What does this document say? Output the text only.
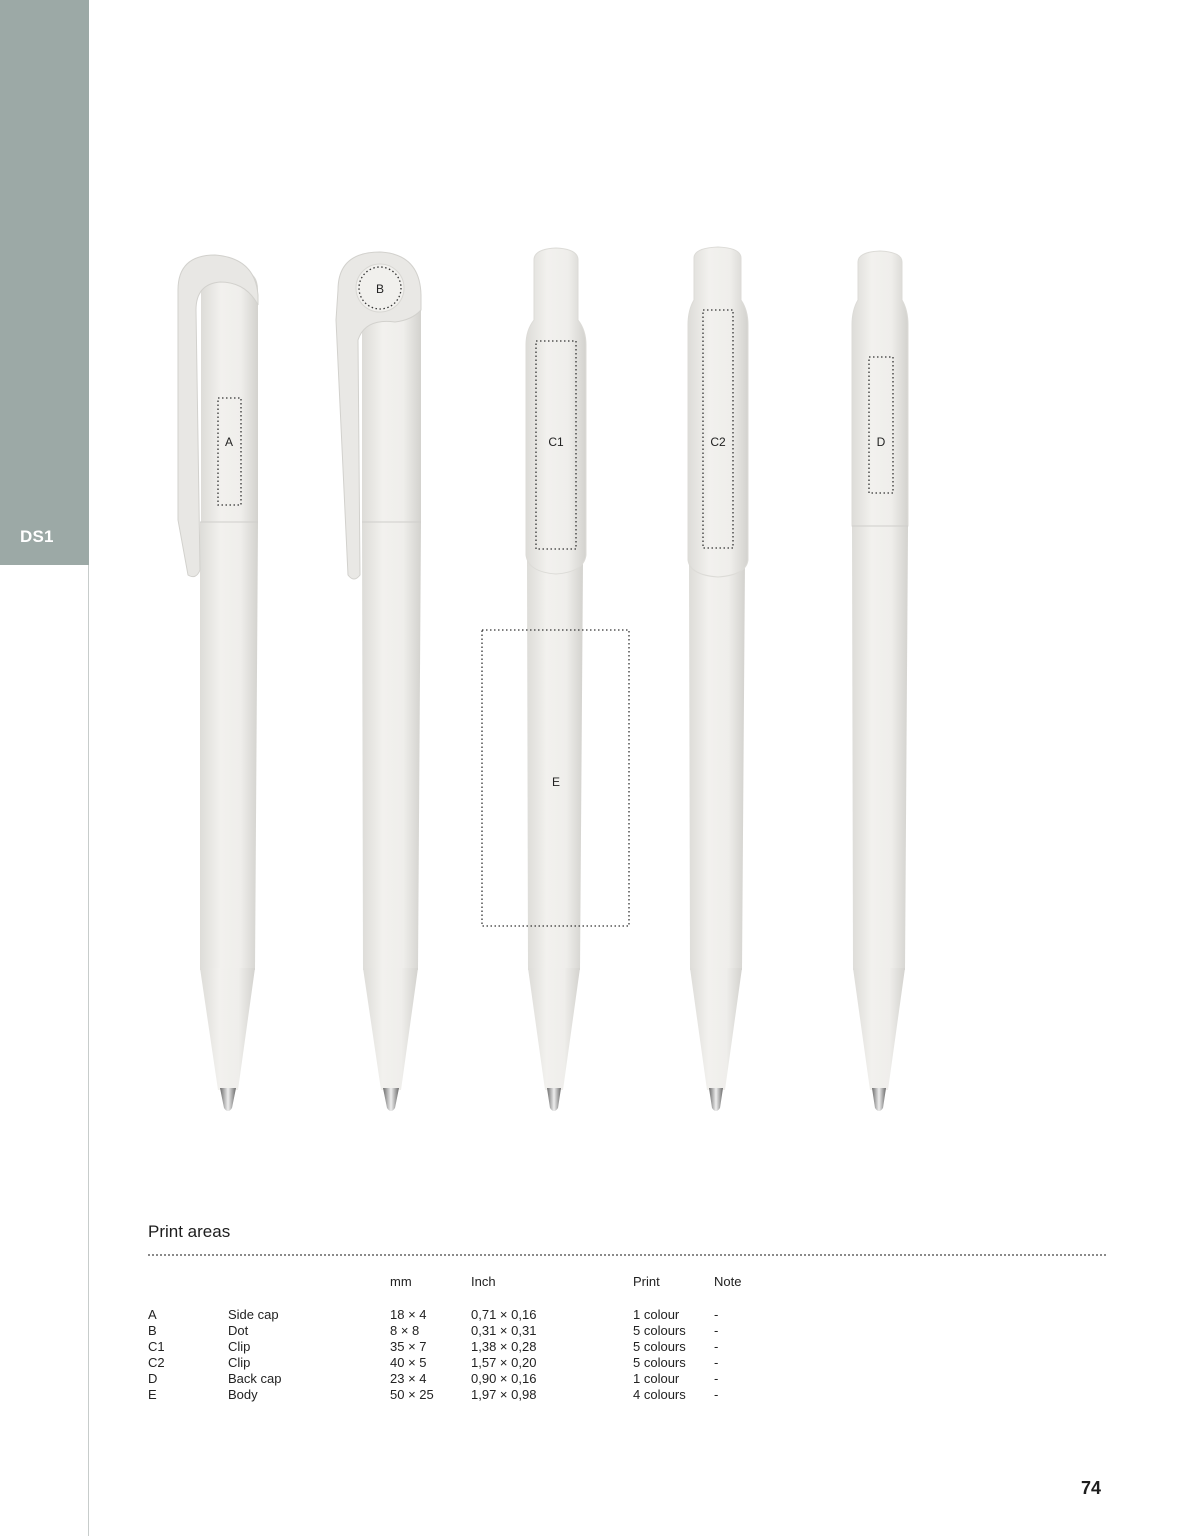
DS1
A
B
C1
E
C2	D
Print areas
		mm	Inch	Print	Note
A	Side cap	18 × 4	0,71 × 0,16	1 colour	-
B	Dot	8 × 8	0,31 × 0,31	5 colours	-
C1	Clip	35 × 7	1,38 × 0,28	5 colours	-
C2	Clip	40 × 5	1,57 × 0,20	5 colours	-
D	Back cap	23 × 4	0,90 × 0,16	1 colour	-
E	Body	50 × 25	1,97 × 0,98	4 colours	-
74
